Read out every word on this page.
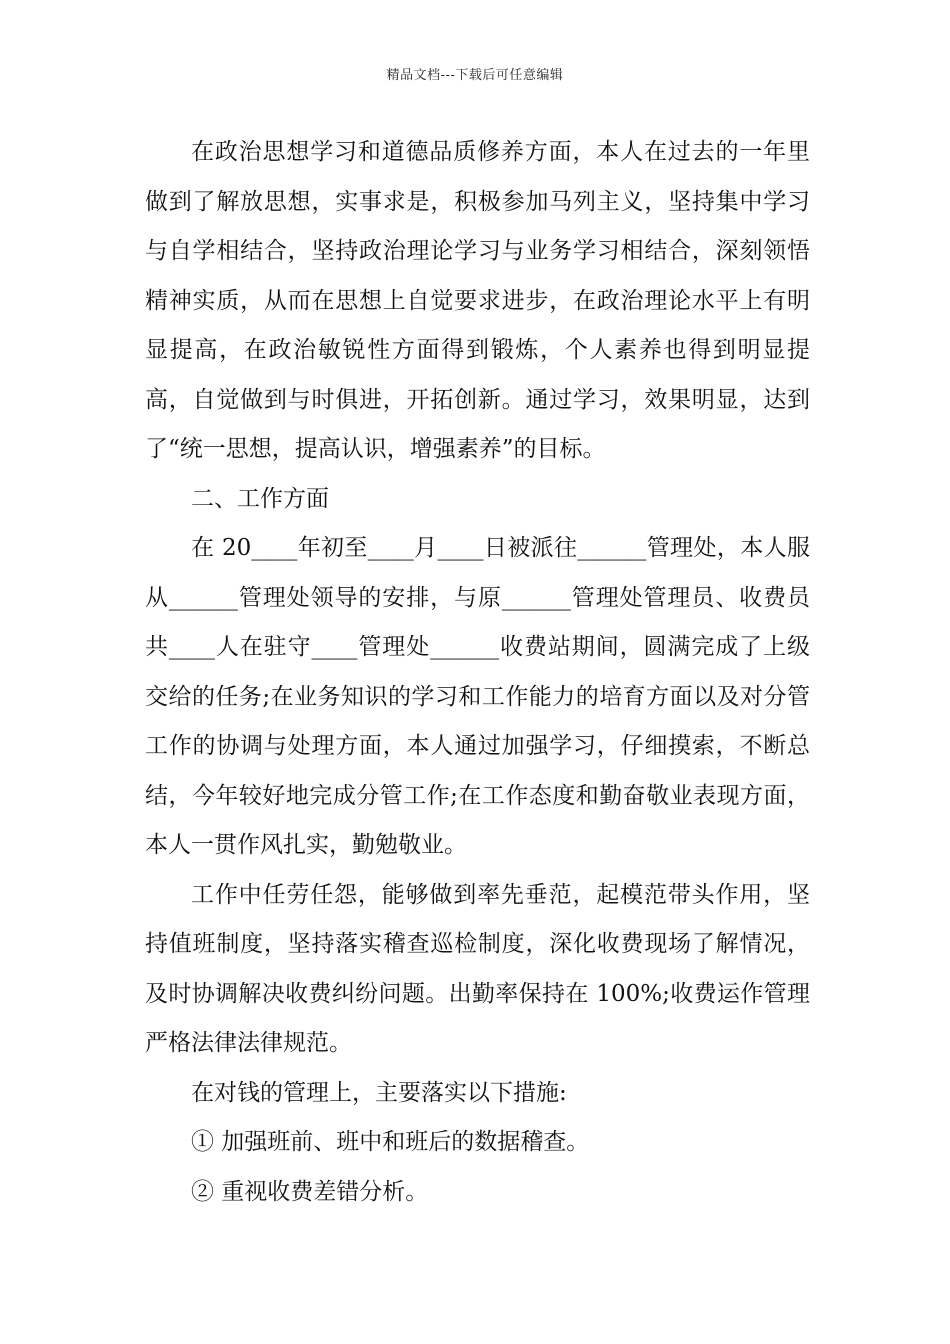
精品文档---下载后可任意编辑

在政治思想学习和道德品质修养方面，本人在过去的一年里做到了解放思想，实事求是，积极参加马列主义，坚持集中学习与自学相结合，坚持政治理论学习与业务学习相结合，深刻领悟精神实质，从而在思想上自觉要求进步，在政治理论水平上有明显提高，在政治敏锐性方面得到锻炼，个人素养也得到明显提高，自觉做到与时俱进，开拓创新。通过学习，效果明显，达到了“统一思想，提高认识，增强素养”的目标。

二、工作方面

在 20____年初至____月____日被派往______管理处，本人服从______管理处领导的安排，与原______管理处管理员、收费员共____人在驻守____管理处______收费站期间，圆满完成了上级交给的任务;在业务知识的学习和工作能力的培育方面以及对分管工作的协调与处理方面，本人通过加强学习，仔细摸索，不断总结，今年较好地完成分管工作;在工作态度和勤奋敬业表现方面，本人一贯作风扎实，勤勉敬业。

工作中任劳任怨，能够做到率先垂范，起模范带头作用，坚持值班制度，坚持落实稽查巡检制度，深化收费现场了解情况，及时协调解决收费纠纷问题。出勤率保持在 100%;收费运作管理严格法律法律规范。

在对钱的管理上，主要落实以下措施:

① 加强班前、班中和班后的数据稽查。

② 重视收费差错分析。
